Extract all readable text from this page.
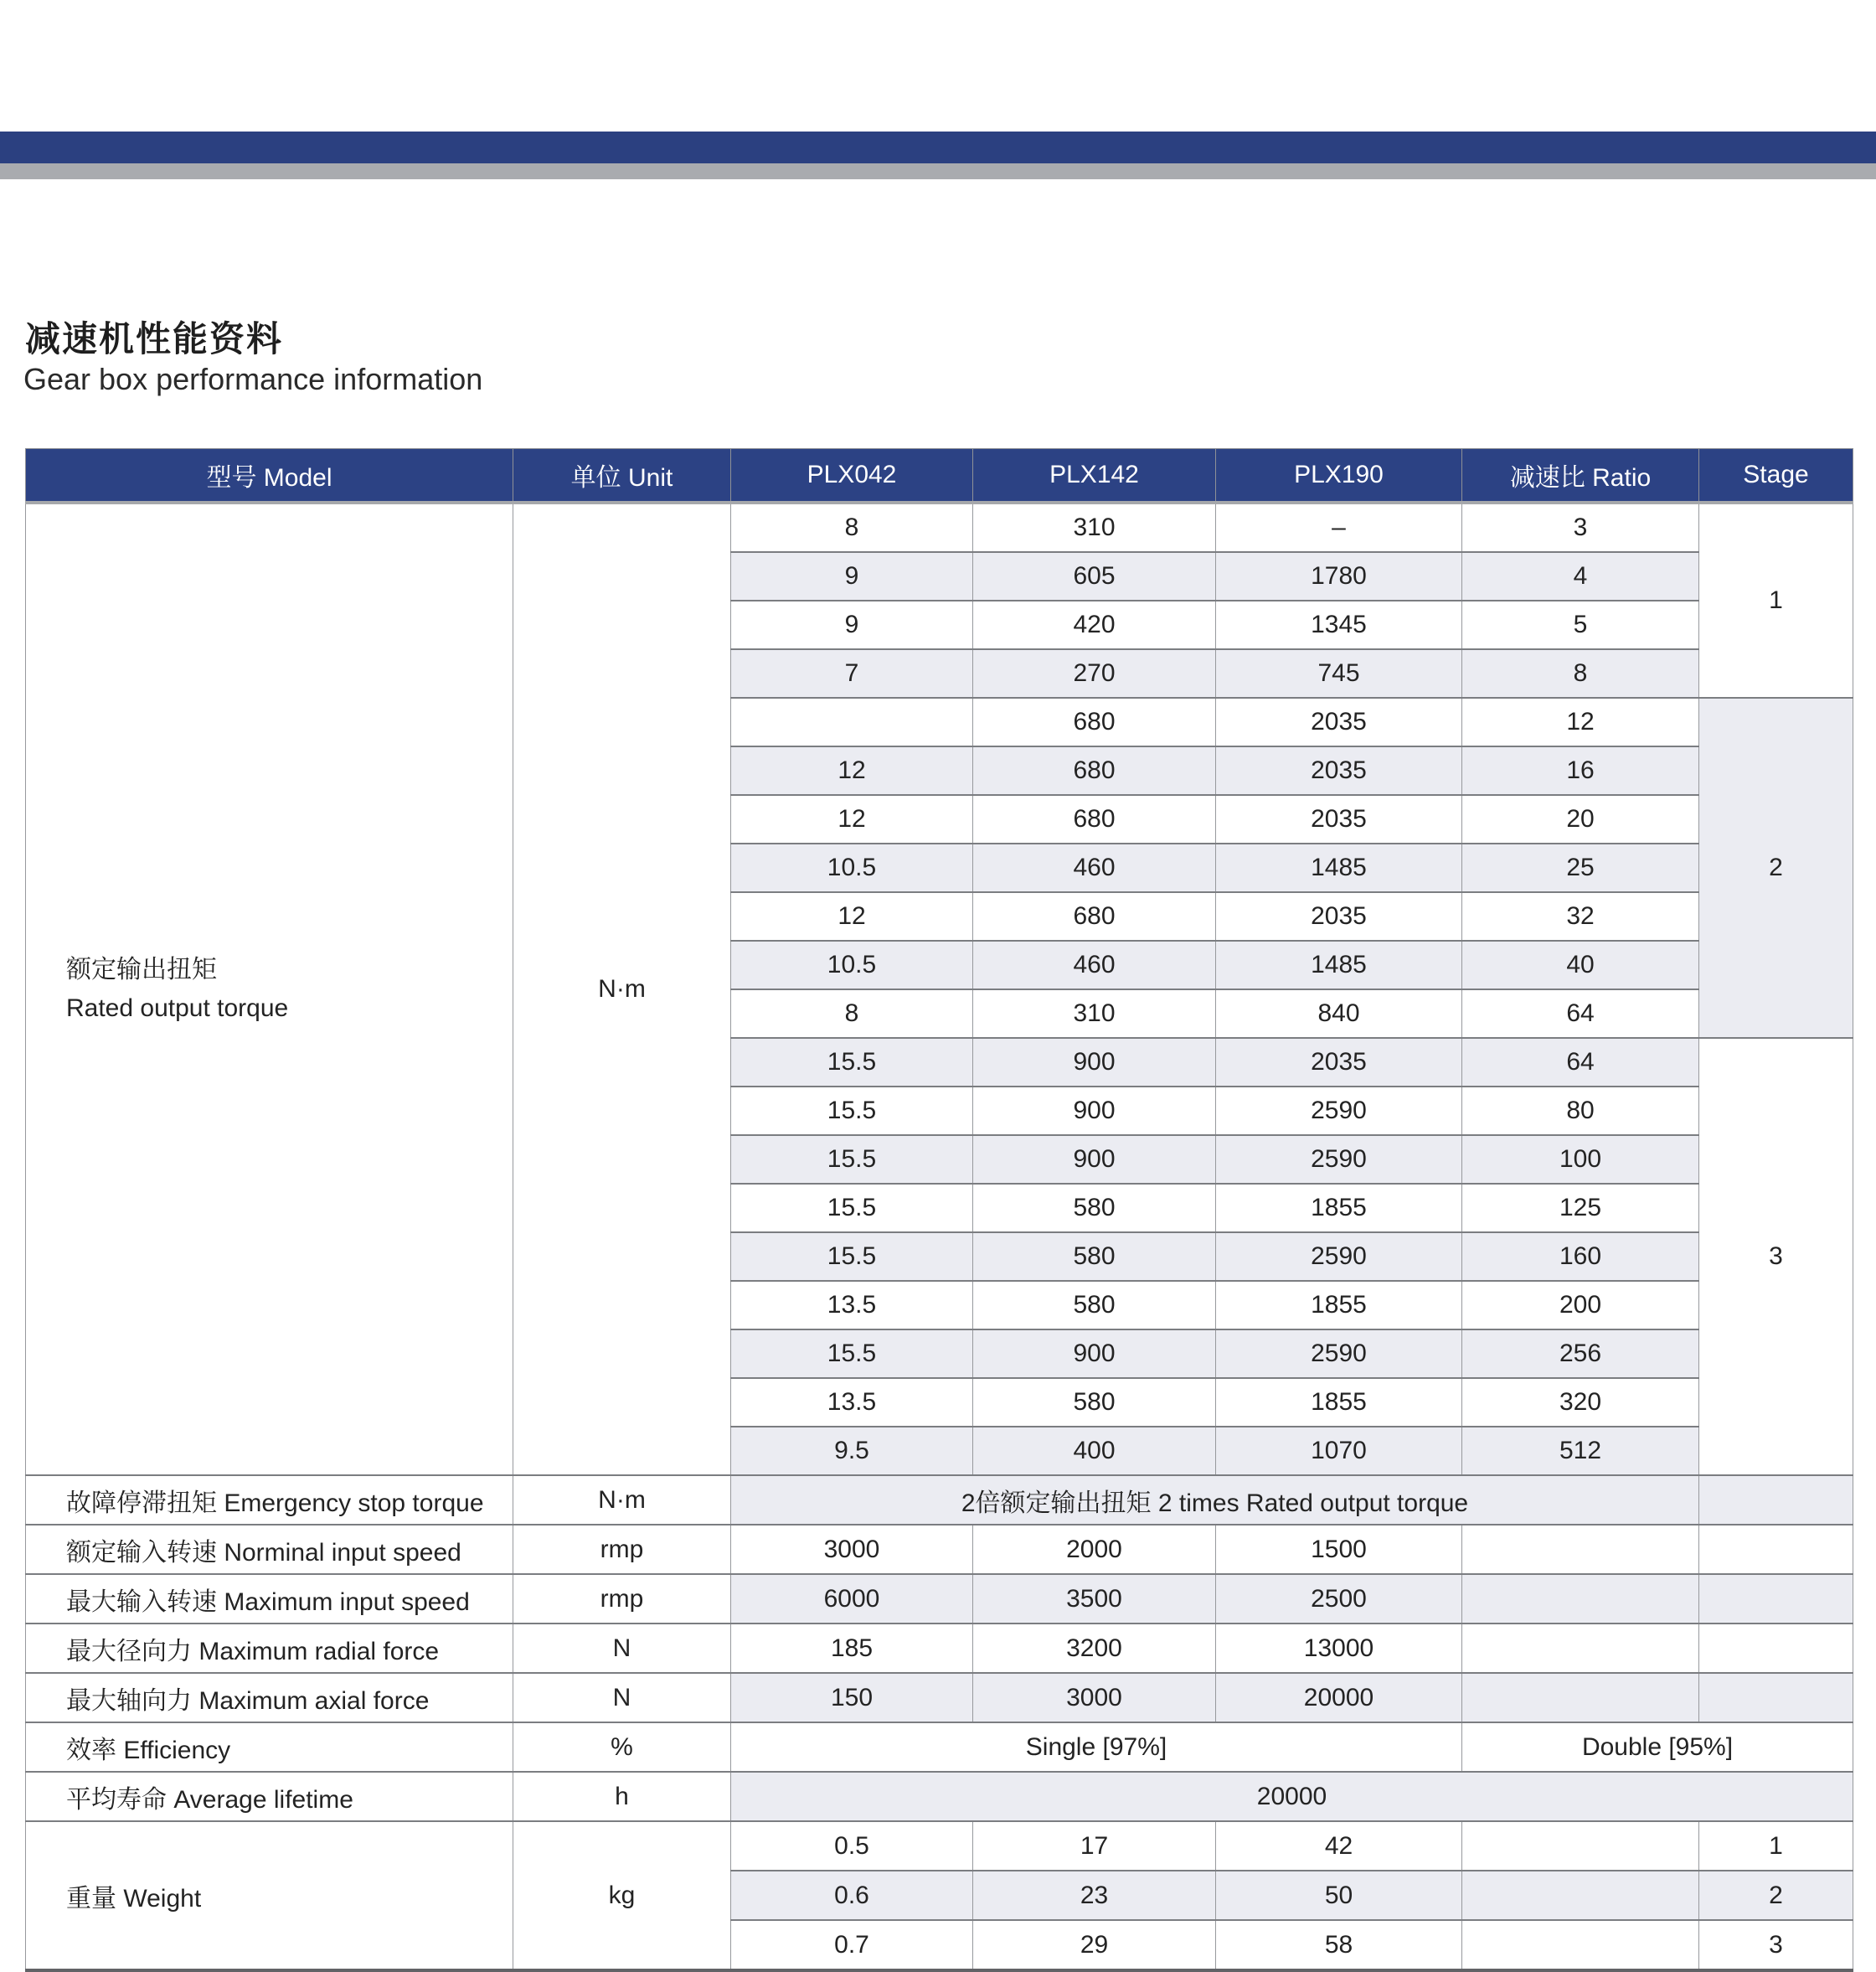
减速机性能资料
Gear box performance information
型号 Model	单位 Unit	PLX042	PLX142	PLX190	减速比 Ratio	Stage

额定输出扭矩
Rated output torque	N·m	8	310	–	3	1
		9	605	1780	4	
		9	420	1345	5	
		7	270	745	8	
			680	2035	12	2
		12	680	2035	16	
		12	680	2035	20	
		10.5	460	1485	25	
		12	680	2035	32	
		10.5	460	1485	40	
		8	310	840	64	
		15.5	900	2035	64	3
		15.5	900	2590	80	
		15.5	900	2590	100	
		15.5	580	1855	125	
		15.5	580	2590	160	
		13.5	580	1855	200	
		15.5	900	2590	256	
		13.5	580	1855	320	
		9.5	400	1070	512	
故障停滞扭矩 Emergency stop torque	N·m	2倍额定输出扭矩 2 times Rated output torque				
额定输入转速 Norminal input speed	rmp	3000	2000	1500		
最大输入转速 Maximum input speed	rmp	6000	3500	2500		
最大径向力 Maximum radial force	N	185	3200	13000		
最大轴向力 Maximum axial force	N	150	3000	20000		
效率 Efficiency	%	Single [97%]			Double [95%]	
平均寿命 Average lifetime	h	20000				
重量 Weight	kg	0.5	17	42		1
		0.6	23	50		2
		0.7	29	58		3
